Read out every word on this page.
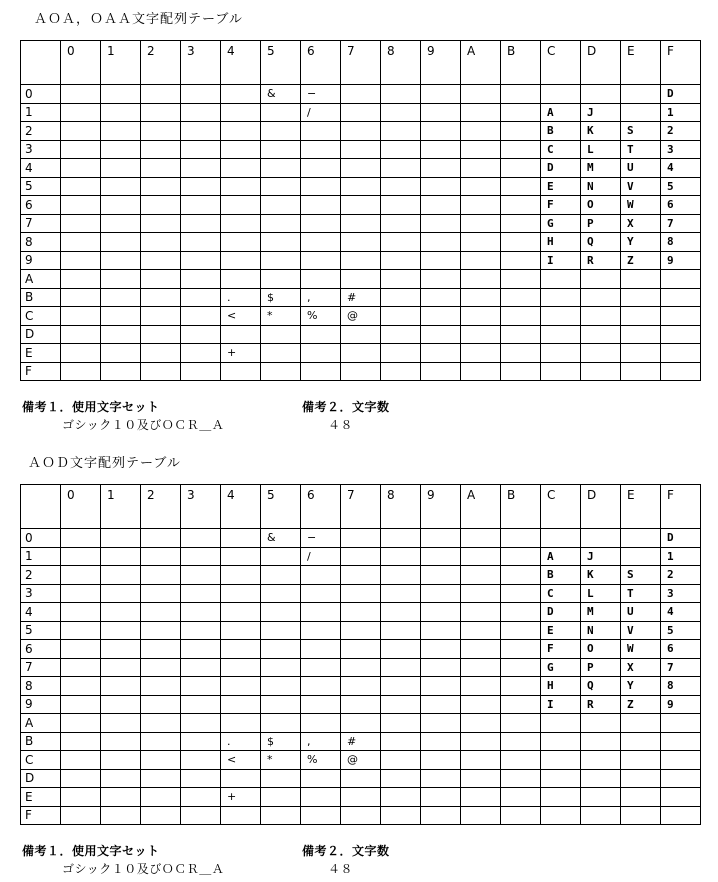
ＡＯＡ，ＯＡＡ文字配列テーブル
	0	1	2	3	4	5	6	7	8	9	A	B	C	D	E	F
0						&	−									D
1							/						A	J		1
2													B	K	S	2
3													C	L	T	3
4													D	M	U	4
5													E	N	V	5
6													F	O	W	6
7													G	P	X	7
8													H	Q	Y	8
9													I	R	Z	9
A																
B					.	$	,	#								
C					<	*	%	@								
D																
E					+											
F																
備考１．使用文字セット
ゴシック１０及びＯＣＲ＿Ａ
備考２．文字数
４８
ＡＯＤ文字配列テーブル
	0	1	2	3	4	5	6	7	8	9	A	B	C	D	E	F
0						&	−									D
1							/						A	J		1
2													B	K	S	2
3													C	L	T	3
4													D	M	U	4
5													E	N	V	5
6													F	O	W	6
7													G	P	X	7
8													H	Q	Y	8
9													I	R	Z	9
A																
B					.	$	,	#								
C					<	*	%	@								
D																
E					+											
F																
備考１．使用文字セット
ゴシック１０及びＯＣＲ＿Ａ
備考２．文字数
４８
